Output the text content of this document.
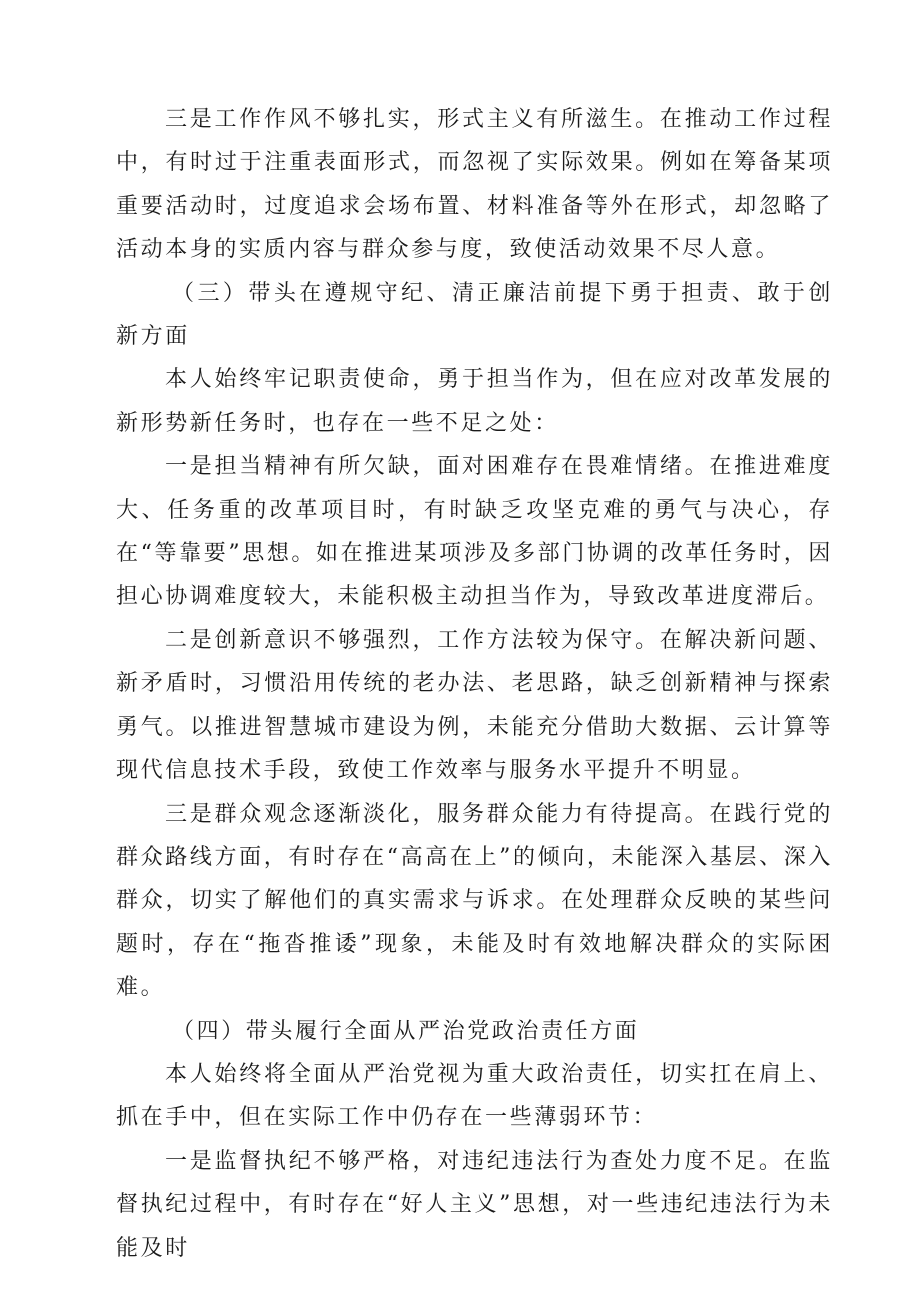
三是工作作风不够扎实，形式主义有所滋生。在推动工作过程中，有时过于注重表面形式，而忽视了实际效果。例如在筹备某项重要活动时，过度追求会场布置、材料准备等外在形式，却忽略了活动本身的实质内容与群众参与度，致使活动效果不尽人意。

（三）带头在遵规守纪、清正廉洁前提下勇于担责、敢于创新方面

本人始终牢记职责使命，勇于担当作为，但在应对改革发展的新形势新任务时，也存在一些不足之处：

一是担当精神有所欠缺，面对困难存在畏难情绪。在推进难度大、任务重的改革项目时，有时缺乏攻坚克难的勇气与决心，存在“等靠要”思想。如在推进某项涉及多部门协调的改革任务时，因担心协调难度较大，未能积极主动担当作为，导致改革进度滞后。

二是创新意识不够强烈，工作方法较为保守。在解决新问题、新矛盾时，习惯沿用传统的老办法、老思路，缺乏创新精神与探索勇气。以推进智慧城市建设为例，未能充分借助大数据、云计算等现代信息技术手段，致使工作效率与服务水平提升不明显。

三是群众观念逐渐淡化，服务群众能力有待提高。在践行党的群众路线方面，有时存在“高高在上”的倾向，未能深入基层、深入群众，切实了解他们的真实需求与诉求。在处理群众反映的某些问题时，存在“拖沓推诿”现象，未能及时有效地解决群众的实际困难。

（四）带头履行全面从严治党政治责任方面

本人始终将全面从严治党视为重大政治责任，切实扛在肩上、抓在手中，但在实际工作中仍存在一些薄弱环节：

一是监督执纪不够严格，对违纪违法行为查处力度不足。在监督执纪过程中，有时存在“好人主义”思想，对一些违纪违法行为未能及时
